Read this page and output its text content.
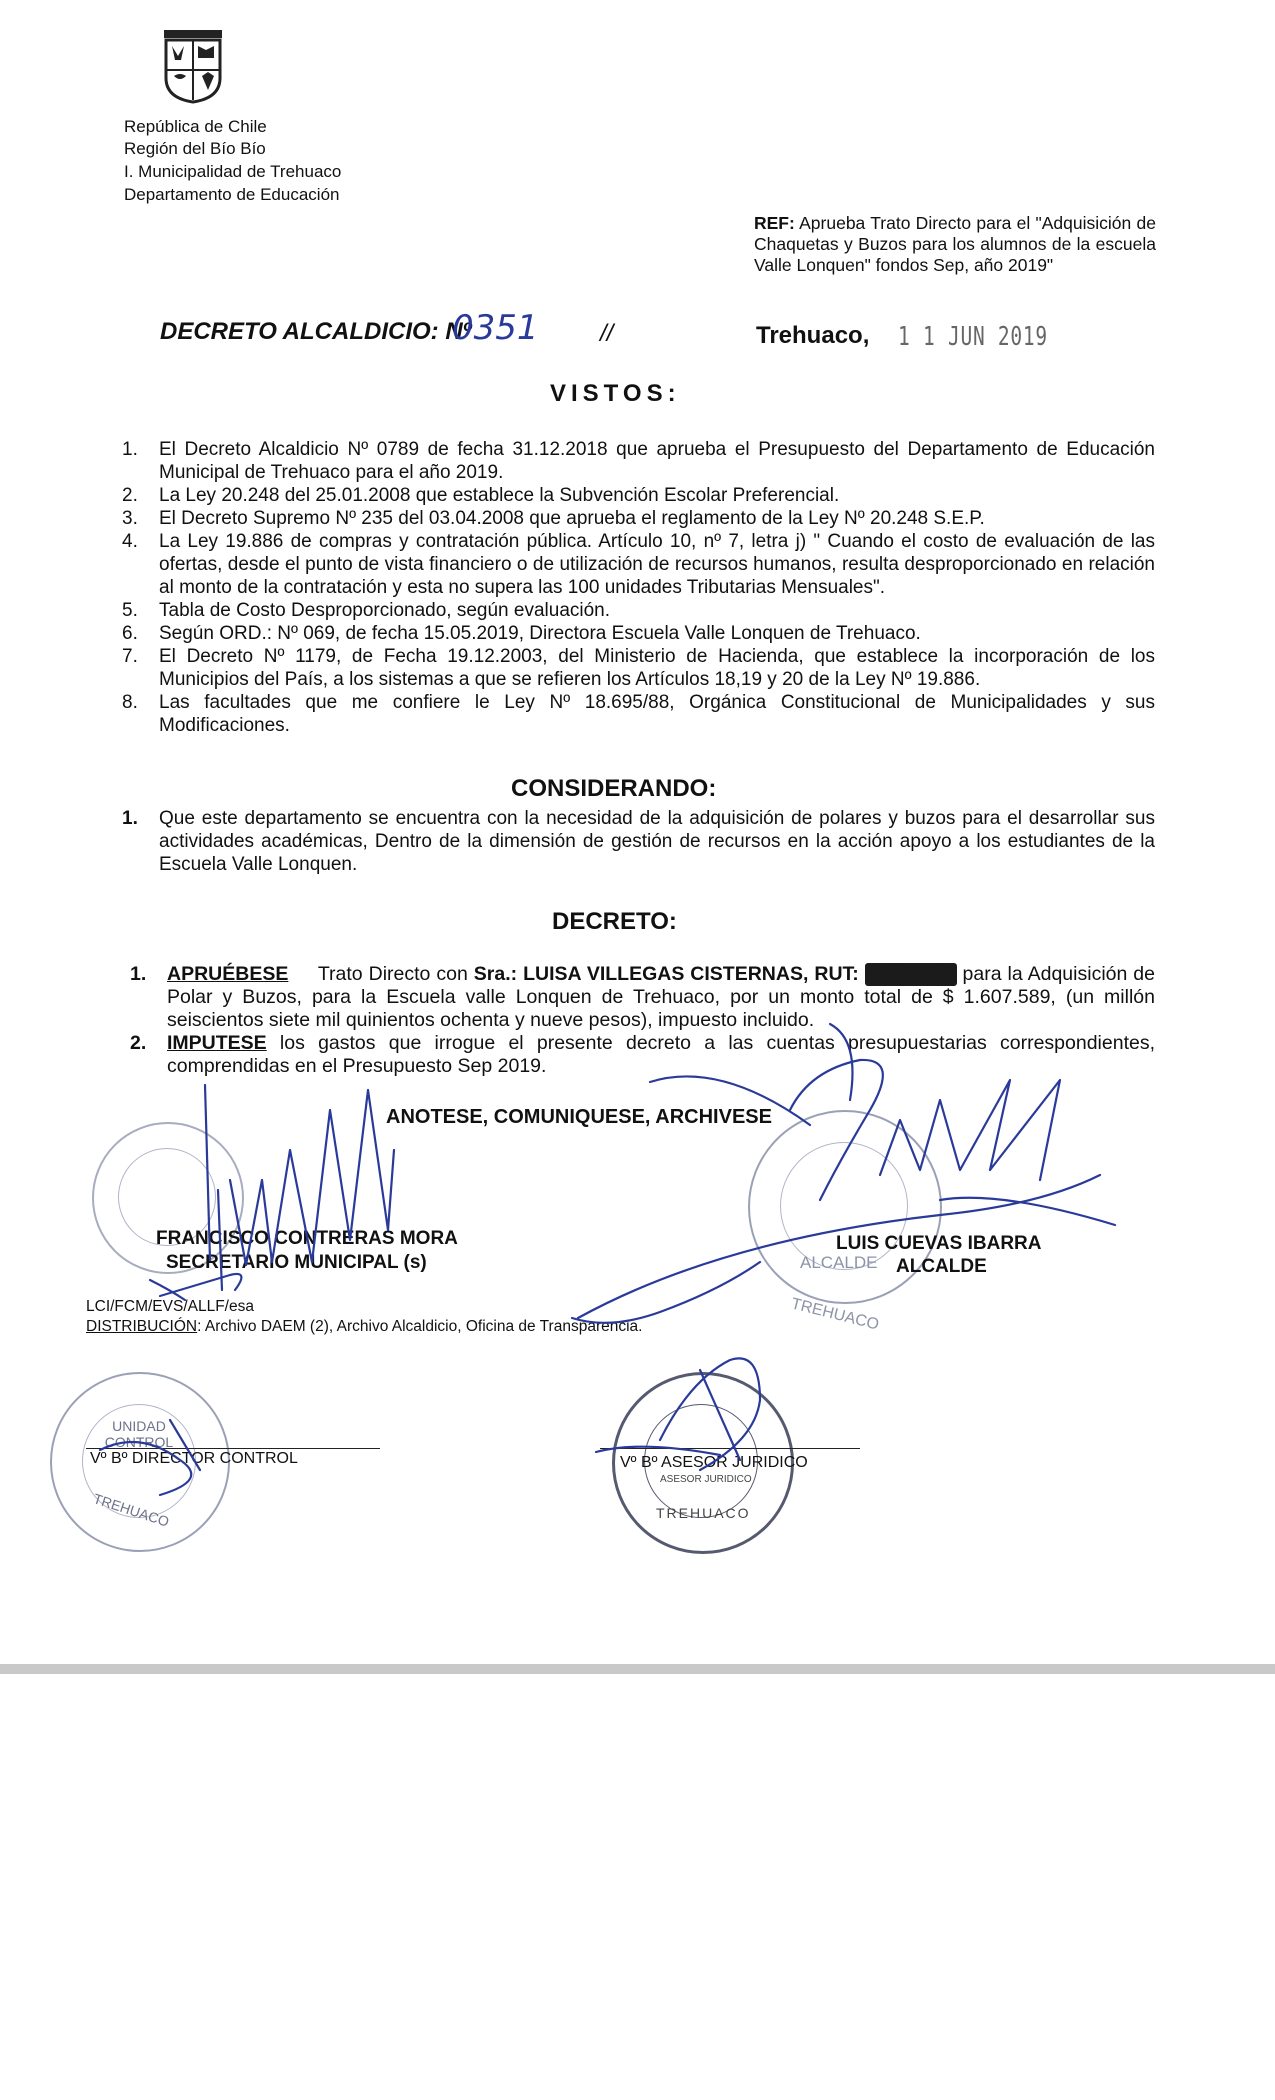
República de Chile
Región del Bío Bío
I. Municipalidad de Trehuaco
Departamento de Educación
REF: Aprueba Trato Directo para el "Adquisición de Chaquetas y Buzos para los alumnos de la escuela Valle Lonquen" fondos Sep, año 2019"
DECRETO ALCALDICIO: Nº
0351	//	Trehuaco, 1 1 JUN 2019
VISTOS:
1. El Decreto Alcaldicio Nº 0789 de fecha 31.12.2018 que aprueba el Presupuesto del Departamento de Educación Municipal de Trehuaco para el año 2019.
2. La Ley 20.248 del 25.01.2008 que establece la Subvención Escolar Preferencial.
3. El Decreto Supremo Nº 235 del 03.04.2008 que aprueba el reglamento de la Ley Nº 20.248 S.E.P.
4. La Ley 19.886 de compras y contratación pública. Artículo 10, nº 7, letra j) " Cuando el costo de evaluación de las ofertas, desde el punto de vista financiero o de utilización de recursos humanos, resulta desproporcionado en relación al monto de la contratación y esta no supera las 100 unidades Tributarias Mensuales".
5. Tabla de Costo Desproporcionado, según evaluación.
6. Según ORD.: Nº 069, de fecha 15.05.2019, Directora Escuela Valle Lonquen de Trehuaco.
7. El Decreto Nº 1179, de Fecha 19.12.2003, del Ministerio de Hacienda, que establece la incorporación de los Municipios del País, a los sistemas a que se refieren los Artículos 18,19 y 20 de la Ley Nº 19.886.
8. Las facultades que me confiere le Ley Nº 18.695/88, Orgánica Constitucional de Municipalidades y sus Modificaciones.
CONSIDERANDO:
1. Que este departamento se encuentra con la necesidad de la adquisición de polares y buzos para el desarrollar sus actividades académicas, Dentro de la dimensión de gestión de recursos en la acción apoyo a los estudiantes de la Escuela Valle Lonquen.
DECRETO:
1. APRUÉBESE Trato Directo con Sra.: LUISA VILLEGAS CISTERNAS, RUT: 767.230-0 para la Adquisición de Polar y Buzos, para la Escuela valle Lonquen de Trehuaco, por un monto total de $ 1.607.589, (un millón seiscientos siete mil quinientos ochenta y nueve pesos), impuesto incluido.
2. IMPUTESE los gastos que irrogue el presente decreto a las cuentas presupuestarias correspondientes, comprendidas en el Presupuesto Sep 2019.
ANOTESE, COMUNIQUESE, ARCHIVESE
ALCALDE
TREHUACO
UNIDAD CONTROL
TREHUACO
ASESOR JURIDICO
TREHUACO
FRANCISCO CONTRERAS MORA
SECRETARIO MUNICIPAL (s)
LUIS CUEVAS IBARRA
ALCALDE
LCI/FCM/EVS/ALLF/esa
DISTRIBUCIÓN: Archivo DAEM (2), Archivo Alcaldicio, Oficina de Transparencia.
Vº Bº DIRECTOR CONTROL	Vº Bº ASESOR JURIDICO
